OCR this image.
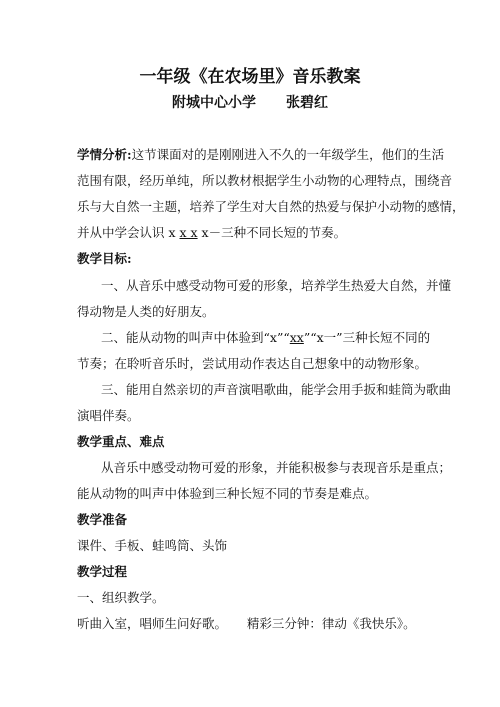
一年级《在农场里》音乐教案
附城中心小学 张碧红
学情分析:这节课面对的是刚刚进入不久的一年级学生，他们的生活
范围有限，经历单纯，所以教材根据学生小动物的心理特点，围绕音
乐与大自然一主题，培养了学生对大自然的热爱与保护小动物的感情，
并从中学会认识 x x x x－三种不同长短的节奏。
教学目标:
一、从音乐中感受动物可爱的形象，培养学生热爱大自然，并懂
得动物是人类的好朋友。
二、能从动物的叫声中体验到“x”“xx”“x一”三种长短不同的
节奏；在聆听音乐时，尝试用动作表达自己想象中的动物形象。
三、能用自然亲切的声音演唱歌曲，能学会用手扳和蛙筒为歌曲
演唱伴奏。
教学重点、难点
从音乐中感受动物可爱的形象，并能积极参与表现音乐是重点；
能从动物的叫声中体验到三种长短不同的节奏是难点。
教学准备
课件、手板、蛙鸣筒、头饰
教学过程
一、组织教学。
听曲入室，唱师生问好歌。     精彩三分钟：律动《我快乐》。
